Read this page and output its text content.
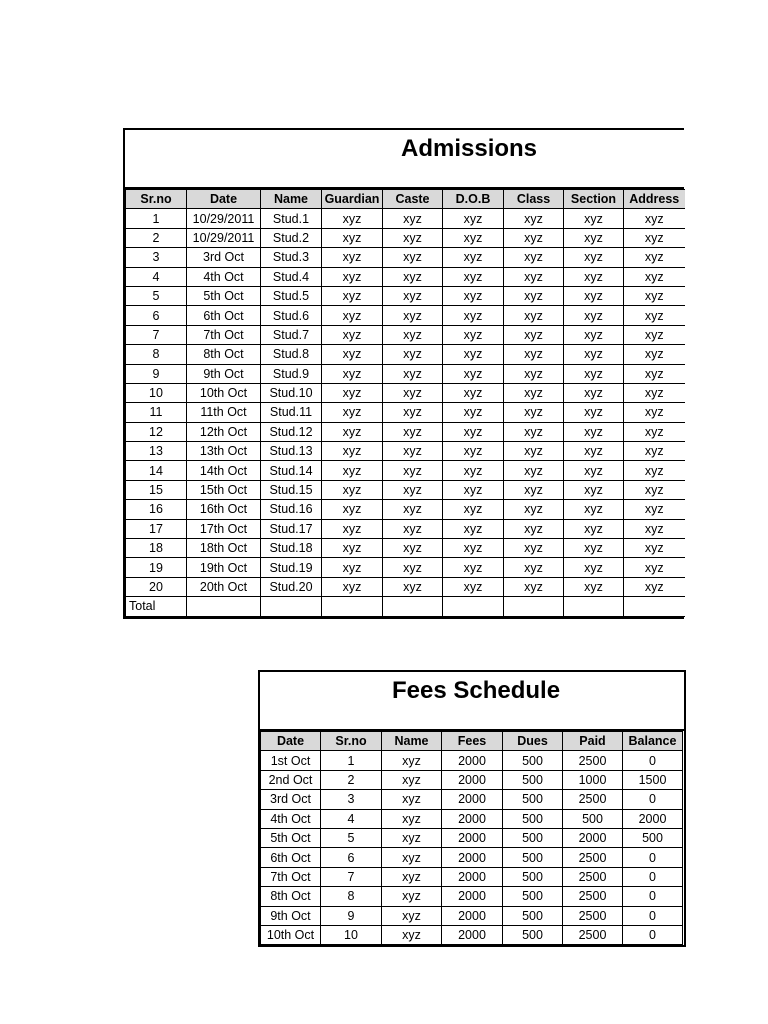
Admissions
Sr.no	Date	Name	Guardian	Caste	D.O.B	Class	Section	Address
1	10/29/2011	Stud.1	xyz	xyz	xyz	xyz	xyz	xyz
2	10/29/2011	Stud.2	xyz	xyz	xyz	xyz	xyz	xyz
3	3rd Oct	Stud.3	xyz	xyz	xyz	xyz	xyz	xyz
4	4th Oct	Stud.4	xyz	xyz	xyz	xyz	xyz	xyz
5	5th Oct	Stud.5	xyz	xyz	xyz	xyz	xyz	xyz
6	6th Oct	Stud.6	xyz	xyz	xyz	xyz	xyz	xyz
7	7th Oct	Stud.7	xyz	xyz	xyz	xyz	xyz	xyz
8	8th Oct	Stud.8	xyz	xyz	xyz	xyz	xyz	xyz
9	9th Oct	Stud.9	xyz	xyz	xyz	xyz	xyz	xyz
10	10th Oct	Stud.10	xyz	xyz	xyz	xyz	xyz	xyz
11	11th Oct	Stud.11	xyz	xyz	xyz	xyz	xyz	xyz
12	12th Oct	Stud.12	xyz	xyz	xyz	xyz	xyz	xyz
13	13th Oct	Stud.13	xyz	xyz	xyz	xyz	xyz	xyz
14	14th Oct	Stud.14	xyz	xyz	xyz	xyz	xyz	xyz
15	15th Oct	Stud.15	xyz	xyz	xyz	xyz	xyz	xyz
16	16th Oct	Stud.16	xyz	xyz	xyz	xyz	xyz	xyz
17	17th Oct	Stud.17	xyz	xyz	xyz	xyz	xyz	xyz
18	18th Oct	Stud.18	xyz	xyz	xyz	xyz	xyz	xyz
19	19th Oct	Stud.19	xyz	xyz	xyz	xyz	xyz	xyz
20	20th Oct	Stud.20	xyz	xyz	xyz	xyz	xyz	xyz
Total								
Fees Schedule
Date	Sr.no	Name	Fees	Dues	Paid	Balance
1st Oct	1	xyz	2000	500	2500	0
2nd Oct	2	xyz	2000	500	1000	1500
3rd Oct	3	xyz	2000	500	2500	0
4th Oct	4	xyz	2000	500	500	2000
5th Oct	5	xyz	2000	500	2000	500
6th Oct	6	xyz	2000	500	2500	0
7th Oct	7	xyz	2000	500	2500	0
8th Oct	8	xyz	2000	500	2500	0
9th Oct	9	xyz	2000	500	2500	0
10th Oct	10	xyz	2000	500	2500	0
